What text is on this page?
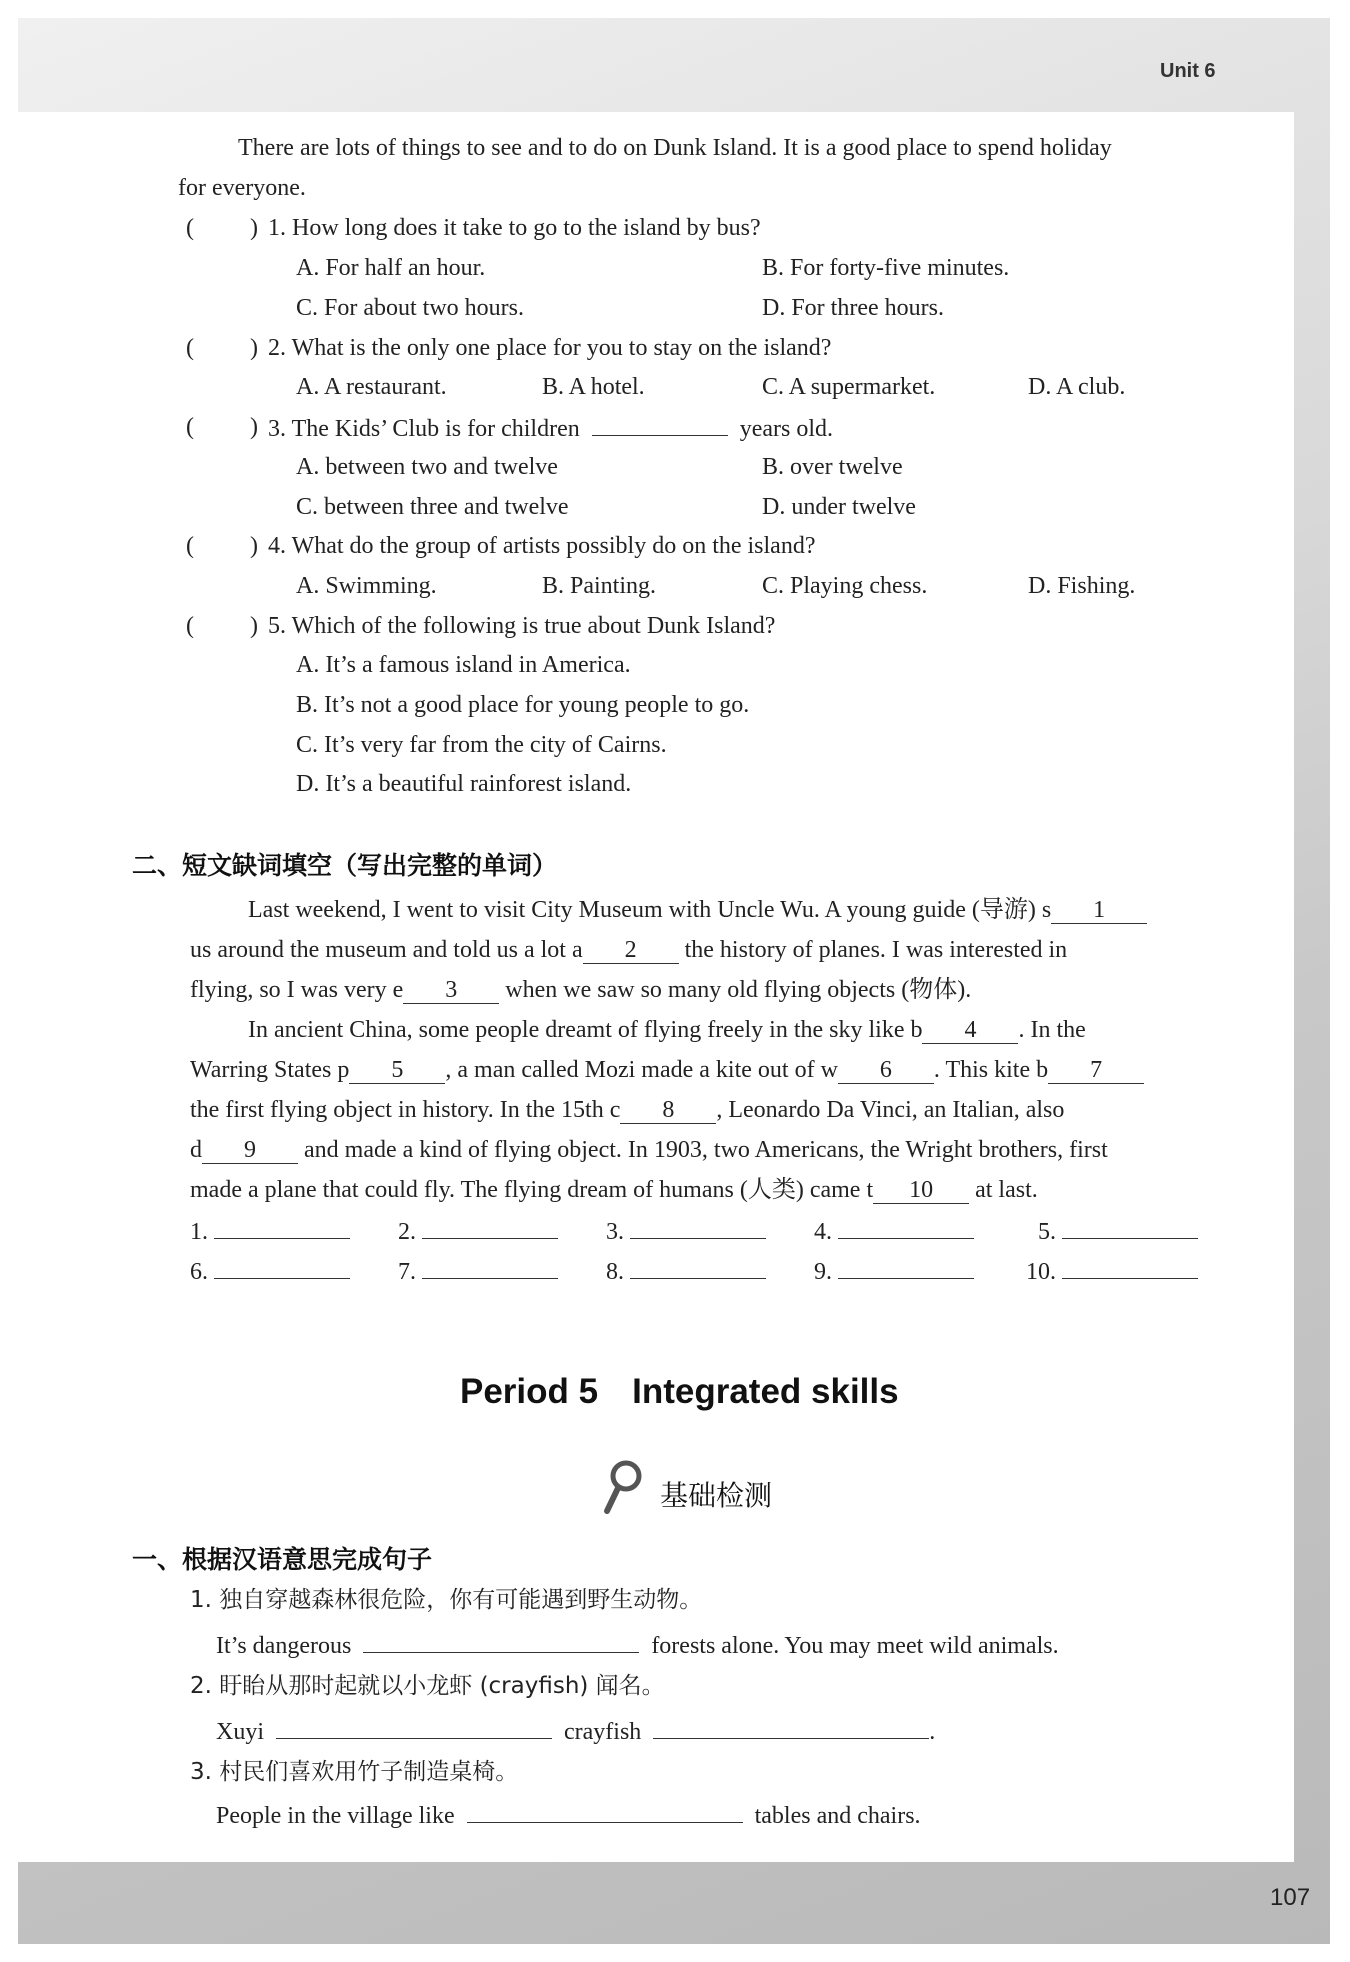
Unit 6
There are lots of things to see and to do on Dunk Island. It is a good place to spend holiday
for everyone.
( ) 1. How long does it take to go to the island by bus?
A. For half an hour.	B. For forty-five minutes.
C. For about two hours.	D. For three hours.
( ) 2. What is the only one place for you to stay on the island?
A. A restaurant.	B. A hotel.	C. A supermarket.	D. A club.
( ) 3. The Kids’ Club is for children	years old.
A. between two and twelve	B. over twelve
C. between three and twelve	D. under twelve
( ) 4. What do the group of artists possibly do on the island?
A. Swimming.	B. Painting.	C. Playing chess.	D. Fishing.
( ) 5. Which of the following is true about Dunk Island?
A. It’s a famous island in America.
B. It’s not a good place for young people to go.
C. It’s very far from the city of Cairns.
D. It’s a beautiful rainforest island.
二、短文缺词填空（写出完整的单词）
Last weekend, I went to visit City Museum with Uncle Wu. A young guide (导游) s 1
us around the museum and told us a lot a 2 the history of planes. I was interested in
flying, so I was very e 3 when we saw so many old flying objects (物体).
In ancient China, some people dreamt of flying freely in the sky like b 4 . In the
Warring States p 5 , a man called Mozi made a kite out of w 6 . This kite b 7
the first flying object in history. In the 15th c 8 , Leonardo Da Vinci, an Italian, also
d 9 and made a kind of flying object. In 1903, two Americans, the Wright brothers, first
made a plane that could fly. The flying dream of humans (人类) came t 10 at last.
1.	2.	3.	4.	5.
6.	7.	8.	9.	10.
Period 5 Integrated skills
基础检测
一、根据汉语意思完成句子
1. 独自穿越森林很危险，你有可能遇到野生动物。
It’s dangerous	forests alone. You may meet wild animals.
2. 盱眙从那时起就以小龙虾 (crayfish) 闻名。
Xuyi	crayfish	.
3. 村民们喜欢用竹子制造桌椅。
People in the village like	tables and chairs.
107
